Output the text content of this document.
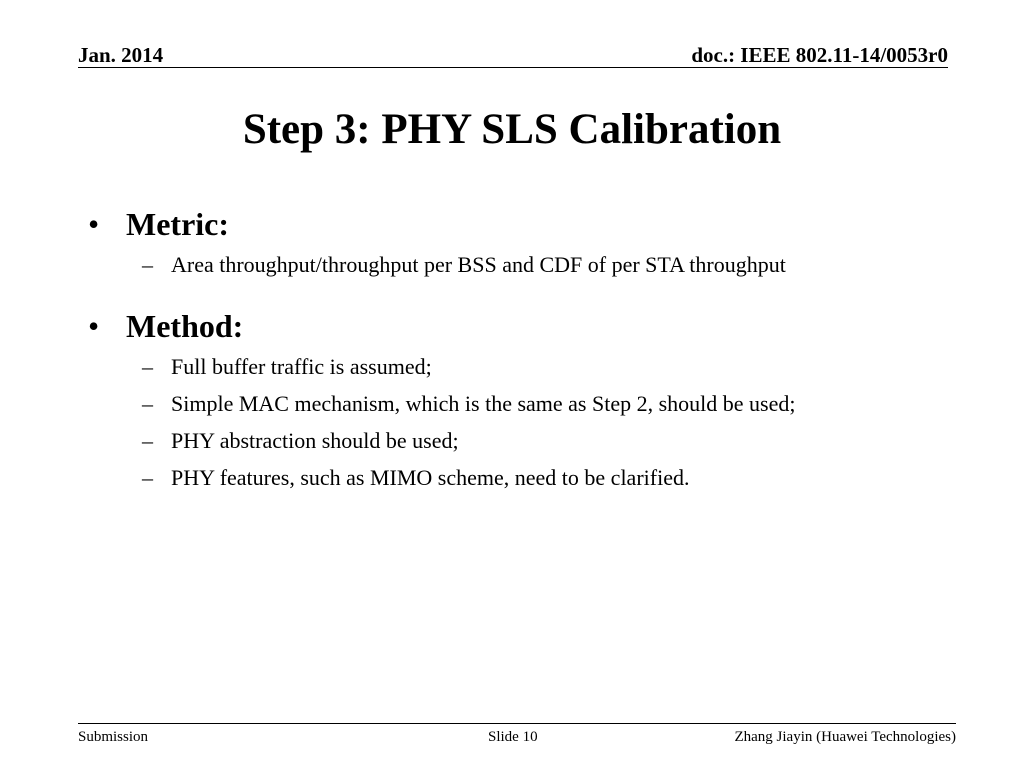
Jan. 2014	doc.: IEEE 802.11-14/0053r0
Step 3: PHY SLS Calibration
• Metric:
– Area throughput/throughput per BSS and CDF of per STA throughput
• Method:
– Full buffer traffic is assumed;
– Simple MAC mechanism, which is the same as Step 2, should be used;
– PHY abstraction should be used;
– PHY features, such as MIMO scheme, need to be clarified.
Submission	Slide 10	Zhang Jiayin (Huawei Technologies)
